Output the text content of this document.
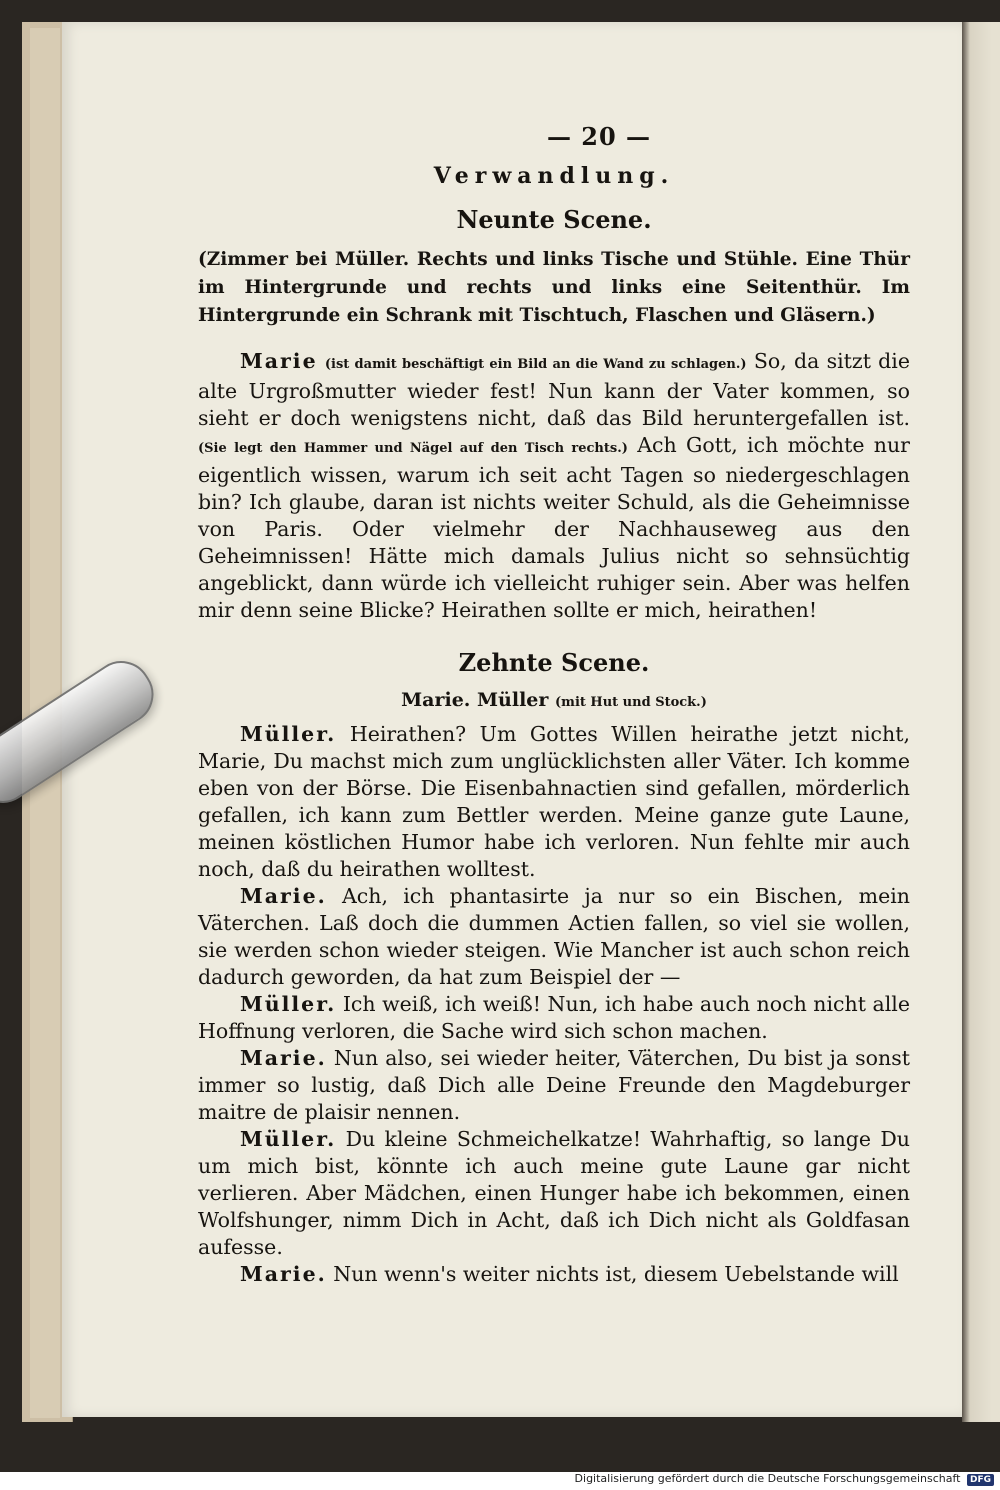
— 20 —
Verwandlung.
Neunte Scene.

(Zimmer bei Müller. Rechts und links Tische und Stühle. Eine Thür im Hintergrunde und rechts und links eine Seitenthür. Im Hintergrunde ein Schrank mit Tischtuch, Flaschen und Gläsern.)

Marie (ist damit beschäftigt ein Bild an die Wand zu schlagen.) So, da sitzt die alte Urgroßmutter wieder fest! Nun kann der Vater kommen, so sieht er doch wenigstens nicht, daß das Bild heruntergefallen ist. (Sie legt den Hammer und Nägel auf den Tisch rechts.) Ach Gott, ich möchte nur eigentlich wissen, warum ich seit acht Tagen so niedergeschlagen bin? Ich glaube, daran ist nichts weiter Schuld, als die Geheimnisse von Paris. Oder vielmehr der Nachhauseweg aus den Geheimnissen! Hätte mich damals Julius nicht so sehnsüchtig angeblickt, dann würde ich vielleicht ruhiger sein. Aber was helfen mir denn seine Blicke? Heirathen sollte er mich, heirathen!

Zehnte Scene.
Marie. Müller (mit Hut und Stock.)

Müller. Heirathen? Um Gottes Willen heirathe jetzt nicht, Marie, Du machst mich zum unglücklichsten aller Väter. Ich komme eben von der Börse. Die Eisenbahnactien sind gefallen, mörderlich gefallen, ich kann zum Bettler werden. Meine ganze gute Laune, meinen köstlichen Humor habe ich verloren. Nun fehlte mir auch noch, daß du heirathen wolltest.

Marie. Ach, ich phantasirte ja nur so ein Bischen, mein Väterchen. Laß doch die dummen Actien fallen, so viel sie wollen, sie werden schon wieder steigen. Wie Mancher ist auch schon reich dadurch geworden, da hat zum Beispiel der —

Müller. Ich weiß, ich weiß! Nun, ich habe auch noch nicht alle Hoffnung verloren, die Sache wird sich schon machen.

Marie. Nun also, sei wieder heiter, Väterchen, Du bist ja sonst immer so lustig, daß Dich alle Deine Freunde den Magdeburger maitre de plaisir nennen.

Müller. Du kleine Schmeichelkatze! Wahrhaftig, so lange Du um mich bist, könnte ich auch meine gute Laune gar nicht verlieren. Aber Mädchen, einen Hunger habe ich bekommen, einen Wolfshunger, nimm Dich in Acht, daß ich Dich nicht als Goldfasan aufesse.

Marie. Nun wenn's weiter nichts ist, diesem Uebelstande will

Digitalisierung gefördert durch die Deutsche Forschungsgemeinschaft DFG
